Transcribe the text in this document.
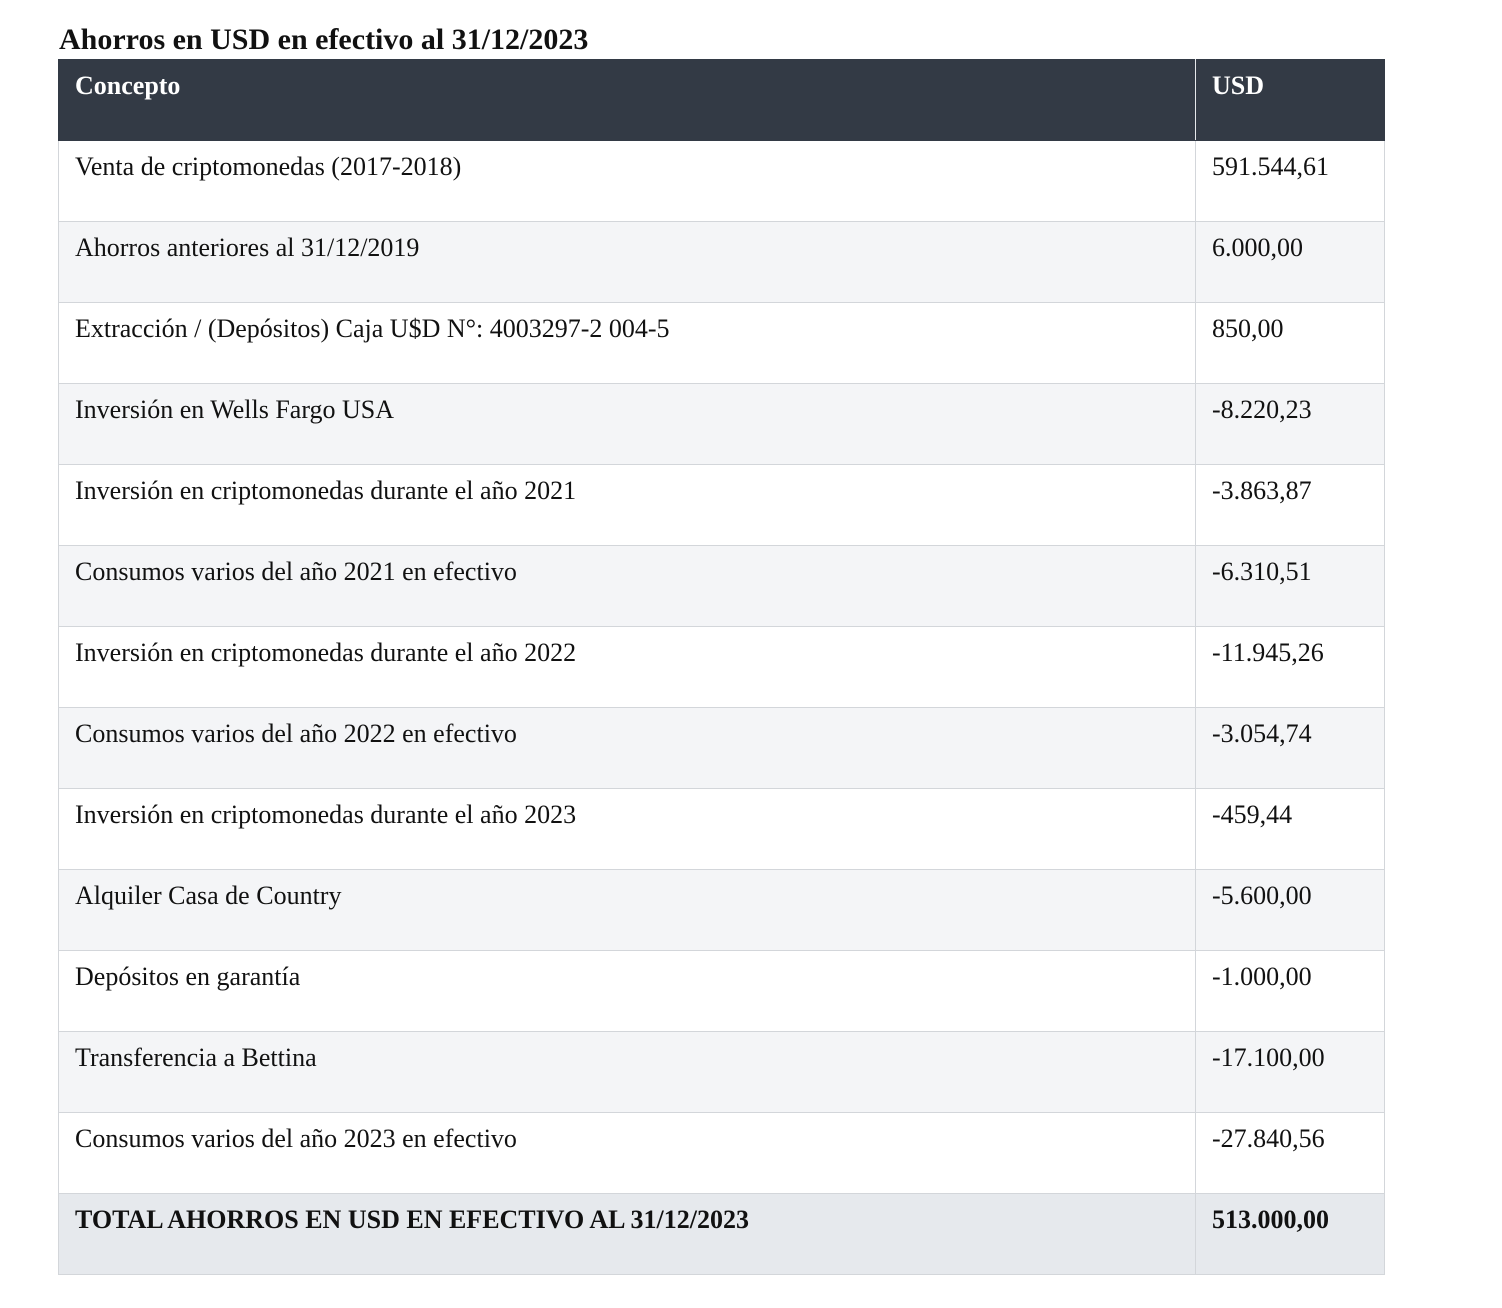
Ahorros en USD en efectivo al 31/12/2023
Concepto	USD
Venta de criptomonedas (2017-2018)	591.544,61
Ahorros anteriores al 31/12/2019	6.000,00
Extracción / (Depósitos) Caja U$D N°: 4003297-2 004-5	850,00
Inversión en Wells Fargo USA	-8.220,23
Inversión en criptomonedas durante el año 2021	-3.863,87
Consumos varios del año 2021 en efectivo	-6.310,51
Inversión en criptomonedas durante el año 2022	-11.945,26
Consumos varios del año 2022 en efectivo	-3.054,74
Inversión en criptomonedas durante el año 2023	-459,44
Alquiler Casa de Country	-5.600,00
Depósitos en garantía	-1.000,00
Transferencia a Bettina	-17.100,00
Consumos varios del año 2023 en efectivo	-27.840,56
TOTAL AHORROS EN USD EN EFECTIVO AL 31/12/2023	513.000,00
